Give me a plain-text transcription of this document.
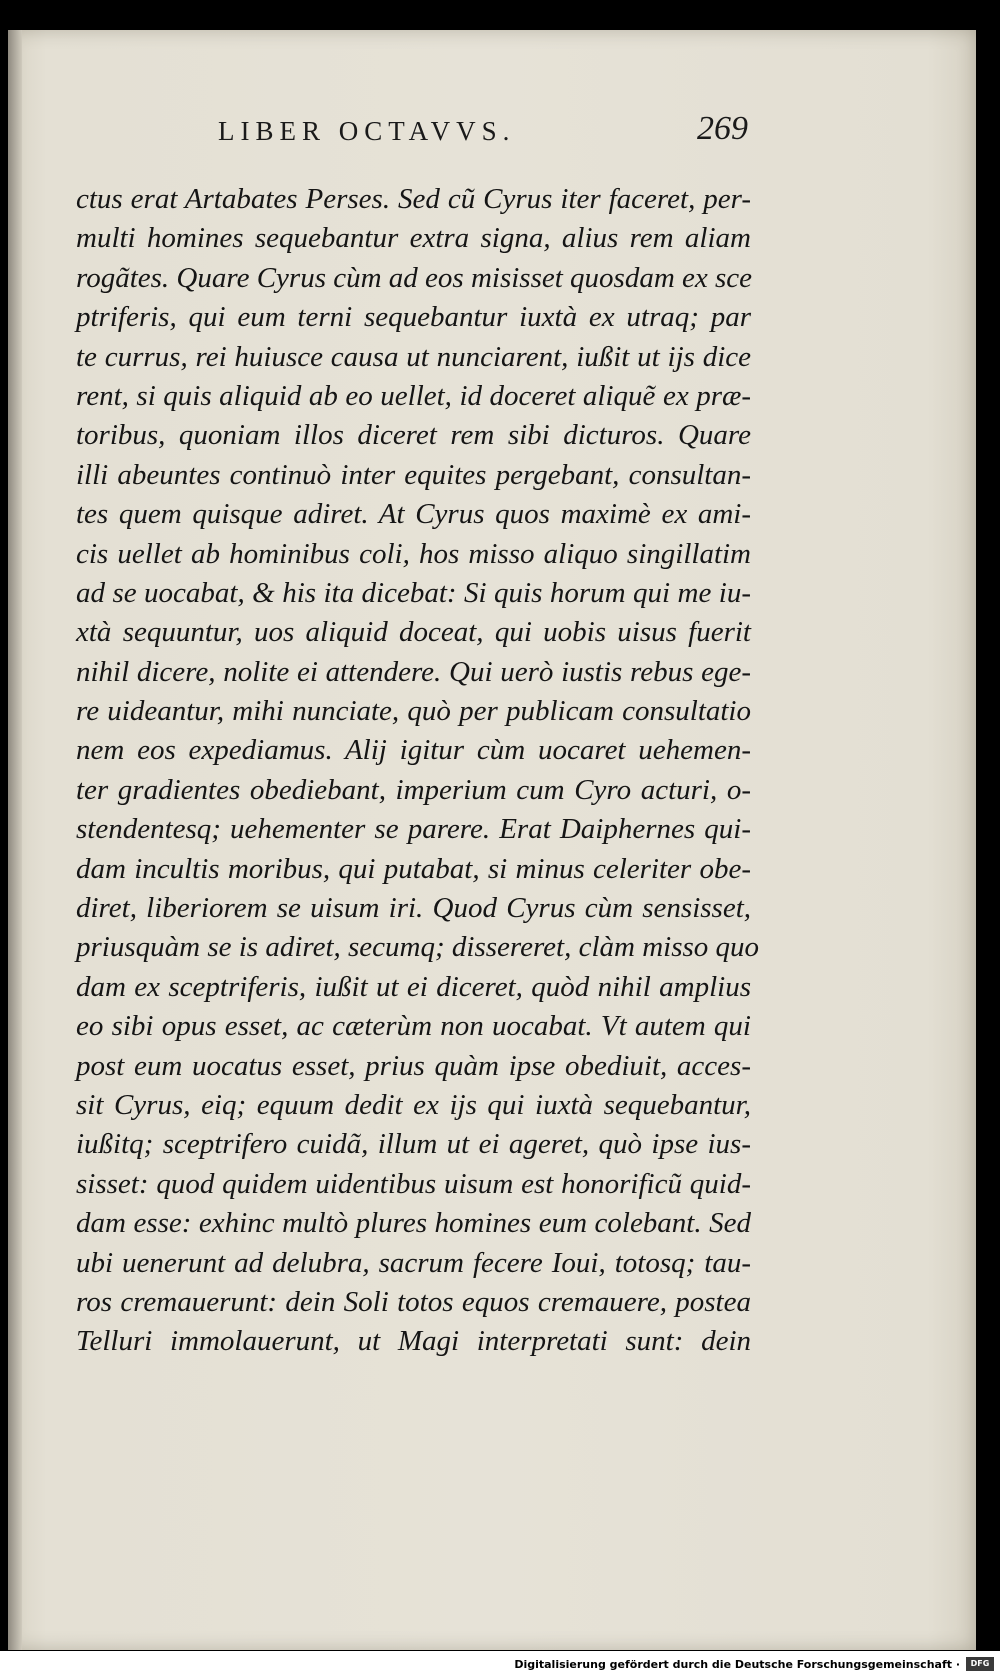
LIBER OCTAVVS.	269
ctus erat Artabates Perses. Sed cũ Cyrus iter faceret, per-
multi homines sequebantur extra signa, alius rem aliam
rogãtes. Quare Cyrus cùm ad eos misisset quosdam ex sce
ptriferis, qui eum terni sequebantur iuxtà ex utraq; par
te currus, rei huiusce causa ut nunciarent, iußit ut ijs dice
rent, si quis aliquid ab eo uellet, id doceret aliquẽ ex præ-
toribus, quoniam illos diceret rem sibi dicturos. Quare
illi abeuntes continuò inter equites pergebant, consultan-
tes quem quisque adiret. At Cyrus quos maximè ex ami-
cis uellet ab hominibus coli, hos misso aliquo singillatim
ad se uocabat, & his ita dicebat: Si quis horum qui me iu-
xtà sequuntur, uos aliquid doceat, qui uobis uisus fuerit
nihil dicere, nolite ei attendere. Qui uerò iustis rebus ege-
re uideantur, mihi nunciate, quò per publicam consultatio
nem eos expediamus. Alij igitur cùm uocaret uehemen-
ter gradientes obediebant, imperium cum Cyro acturi, o-
stendentesq; uehementer se parere. Erat Daiphernes qui-
dam incultis moribus, qui putabat, si minus celeriter obe-
diret, liberiorem se uisum iri. Quod Cyrus cùm sensisset,
priusquàm se is adiret, secumq; dissereret, clàm misso quo
dam ex sceptriferis, iußit ut ei diceret, quòd nihil amplius
eo sibi opus esset, ac cæterùm non uocabat. Vt autem qui
post eum uocatus esset, prius quàm ipse obediuit, acces-
sit Cyrus, eiq; equum dedit ex ijs qui iuxtà sequebantur,
iußitq; sceptrifero cuidã, illum ut ei ageret, quò ipse ius-
sisset: quod quidem uidentibus uisum est honorificũ quid-
dam esse: exhinc multò plures homines eum colebant. Sed
ubi uenerunt ad delubra, sacrum fecere Ioui, totosq; tau-
ros cremauerunt: dein Soli totos equos cremauere, postea
Telluri immolauerunt, ut Magi interpretati sunt: dein
Digitalisierung gefördert durch die Deutsche Forschungsgemeinschaft ·	DFG
